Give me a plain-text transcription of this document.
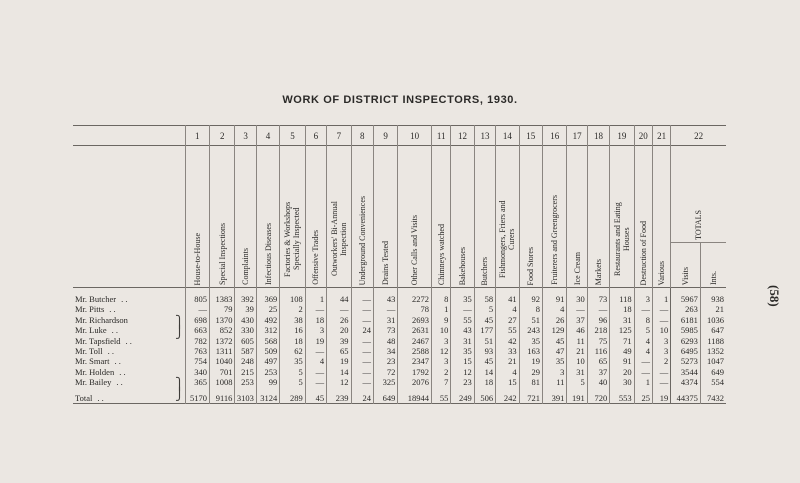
WORK OF DISTRICT INSPECTORS, 1930.
	1	2	3	4	5	6	7	8	9	10	11	12	13	14	15	16	17	18	19	20	21	22	
	House-to-House	Special Inspections	Complaints	Infectious Diseases	Factories & Workshops Specially Inspected	Offensive Trades	Outworkers' Bi-Annual Inspection	Underground Conveniences	Drains Tested	Other Calls and Visits	Chimneys watched	Bakehouses	Butchers	Fishmongers, Friers and Curers	Food Stores	Fruiterers and Greengrocers	Ice Cream	Markets	Restaurants and Eating Houses	Destruction of Food	Various	TOTALS	
																						Visits	Ints.
Mr. Butcher . .	805	1383	392	369	108	1	44	—	43	2272	8	35	58	41	92	91	30	73	118	3	1	5967	938
Mr. Pitts . .	—	79	39	25	2	—	—	—	—	78	1	—	5	4	8	4	—	—	18	—	—	263	21
Mr. Richardson	698	1370	430	492	38	18	26	—	31	2693	9	55	45	27	51	26	37	96	31	8	—	6181	1036
Mr. Luke . .	663	852	330	312	16	3	20	24	73	2631	10	43	177	55	243	129	46	218	125	5	10	5985	647
Mr. Tapsfield . .	782	1372	605	568	18	19	39	—	48	2467	3	31	51	42	35	45	11	75	71	4	3	6293	1188
Mr. Toll . .	763	1311	587	509	62	—	65	—	34	2588	12	35	93	33	163	47	21	116	49	4	3	6495	1352
Mr. Smart . .	754	1040	248	497	35	4	19	—	23	2347	3	15	45	21	19	35	10	65	91	—	2	5273	1047
Mr. Holden . .	340	701	215	253	5	—	14	—	72	1792	2	12	14	4	29	3	31	37	20	—	—	3544	649
Mr. Bailey . .	365	1008	253	99	5	—	12	—	325	2076	7	23	18	15	81	11	5	40	30	1	—	4374	554
Total . .	5170	9116	3103	3124	289	45	239	24	649	18944	55	249	506	242	721	391	191	720	553	25	19	44375	7432
(58)
⎫
⎭
⎫
⎭
